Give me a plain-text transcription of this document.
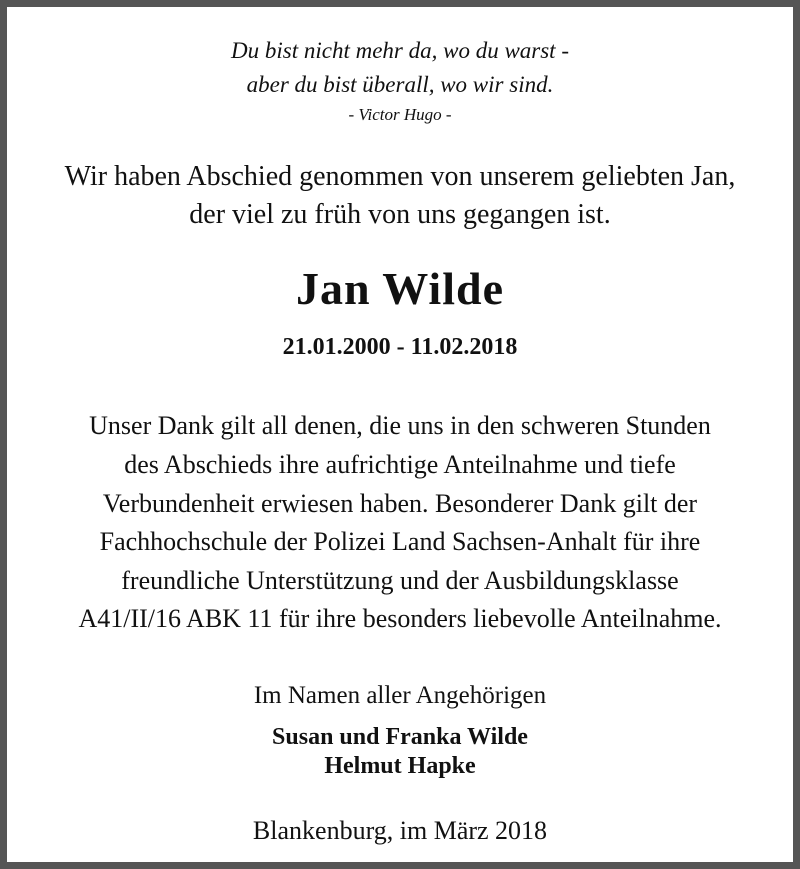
Du bist nicht mehr da, wo du warst -
aber du bist überall, wo wir sind.
- Victor Hugo -
Wir haben Abschied genommen von unserem geliebten Jan,
der viel zu früh von uns gegangen ist.
Jan Wilde
21.01.2000 - 11.02.2018
Unser Dank gilt all denen, die uns in den schweren Stunden
des Abschieds ihre aufrichtige Anteilnahme und tiefe
Verbundenheit erwiesen haben. Besonderer Dank gilt der
Fachhochschule der Polizei Land Sachsen-Anhalt für ihre
freundliche Unterstützung und der Ausbildungsklasse
A41/II/16 ABK 11 für ihre besonders liebevolle Anteilnahme.
Im Namen aller Angehörigen
Susan und Franka Wilde
Helmut Hapke
Blankenburg, im März 2018
